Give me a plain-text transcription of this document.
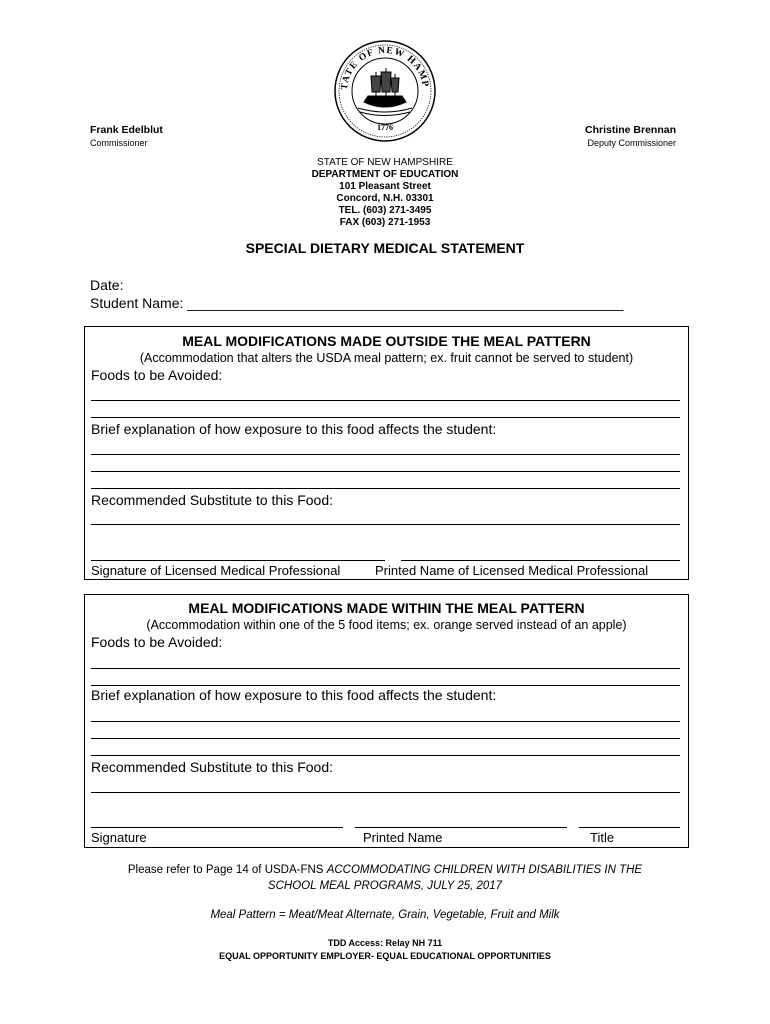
TATE OF NEW HAMP
1776
Frank Edelblut
Commissioner
Christine Brennan
Deputy Commissioner
STATE OF NEW HAMPSHIRE
DEPARTMENT OF EDUCATION
101 Pleasant Street
Concord, N.H. 03301
TEL. (603) 271-3495
FAX (603) 271-1953
SPECIAL DIETARY MEDICAL STATEMENT
Date:
Student Name: ________________________________________________________
MEAL MODIFICATIONS MADE OUTSIDE THE MEAL PATTERN
(Accommodation that alters the USDA meal pattern; ex. fruit cannot be served to student)
Foods to be Avoided:
Brief explanation of how exposure to this food affects the student:
Recommended Substitute to this Food:
Signature of Licensed Medical Professional	Printed Name of Licensed Medical Professional
MEAL MODIFICATIONS MADE WITHIN THE MEAL PATTERN
(Accommodation within one of the 5 food items; ex. orange served instead of an apple)
Foods to be Avoided:
Brief explanation of how exposure to this food affects the student:
Recommended Substitute to this Food:
Signature	Printed Name	Title
Please refer to Page 14 of USDA-FNS ACCOMMODATING CHILDREN WITH DISABILITIES IN THE
SCHOOL MEAL PROGRAMS, JULY 25, 2017
Meal Pattern = Meat/Meat Alternate, Grain, Vegetable, Fruit and Milk
TDD Access: Relay NH 711
EQUAL OPPORTUNITY EMPLOYER- EQUAL EDUCATIONAL OPPORTUNITIES
